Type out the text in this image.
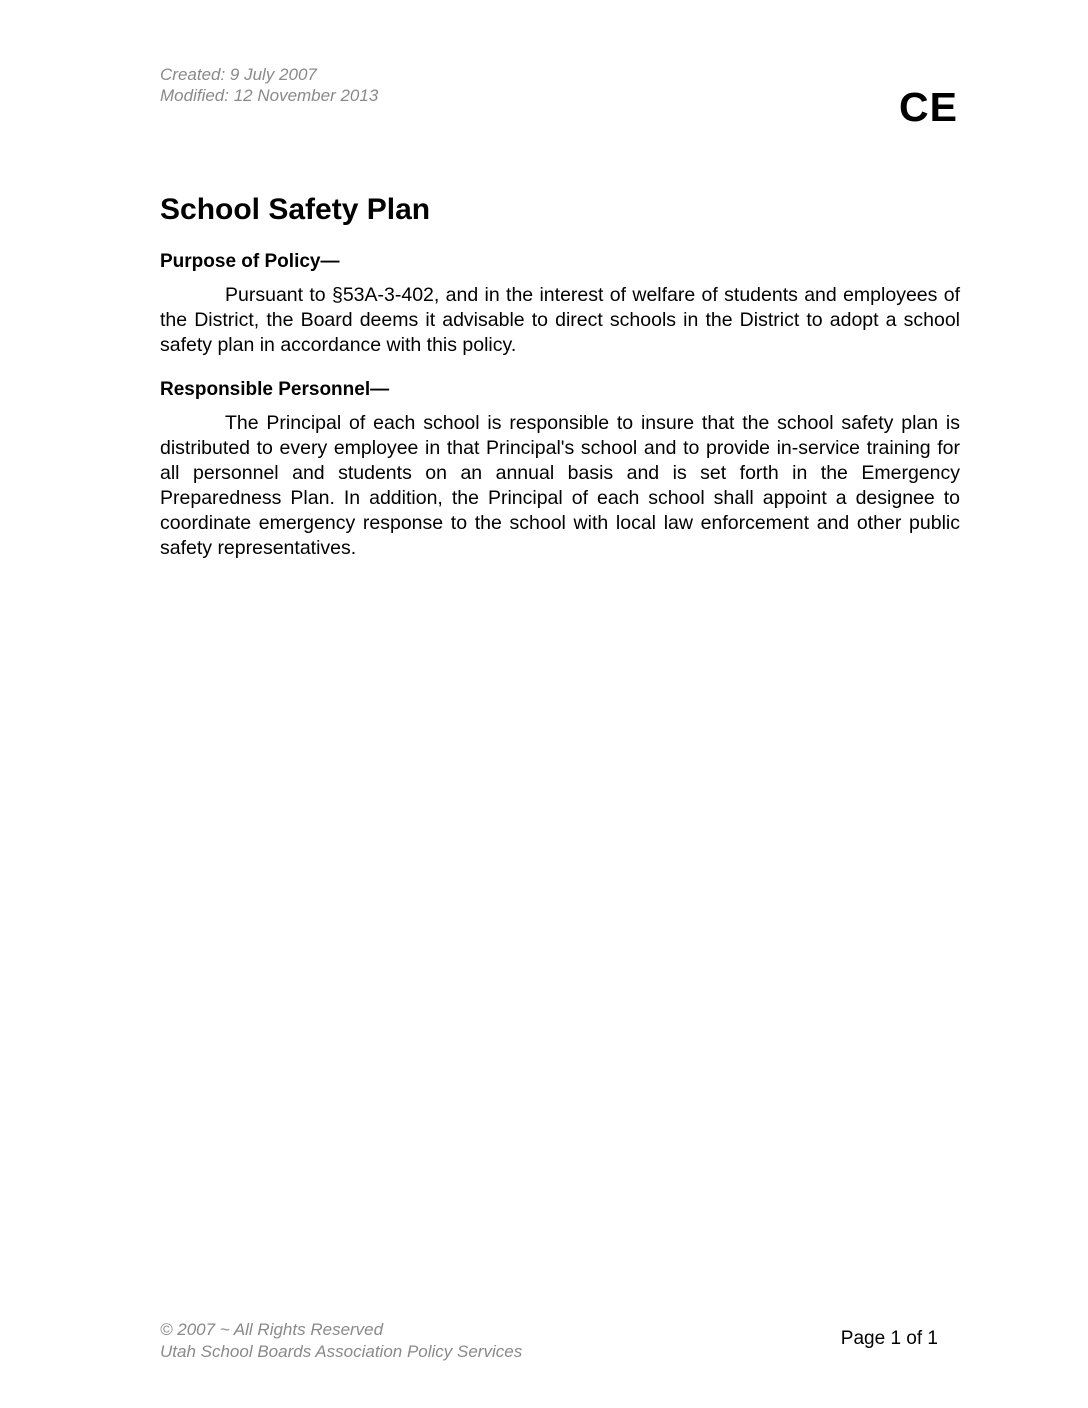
Created: 9 July 2007
Modified: 12 November 2013	CE
School Safety Plan

Purpose of Policy—

Pursuant to §53A-3-402, and in the interest of welfare of students and employees of the District, the Board deems it advisable to direct schools in the District to adopt a school safety plan in accordance with this policy.

Responsible Personnel—

The Principal of each school is responsible to insure that the school safety plan is distributed to every employee in that Principal's school and to provide in-service training for all personnel and students on an annual basis and is set forth in the Emergency Preparedness Plan. In addition, the Principal of each school shall appoint a designee to coordinate emergency response to the school with local law enforcement and other public safety representatives.

© 2007 ~ All Rights Reserved
Utah School Boards Association Policy Services
Page 1 of 1
